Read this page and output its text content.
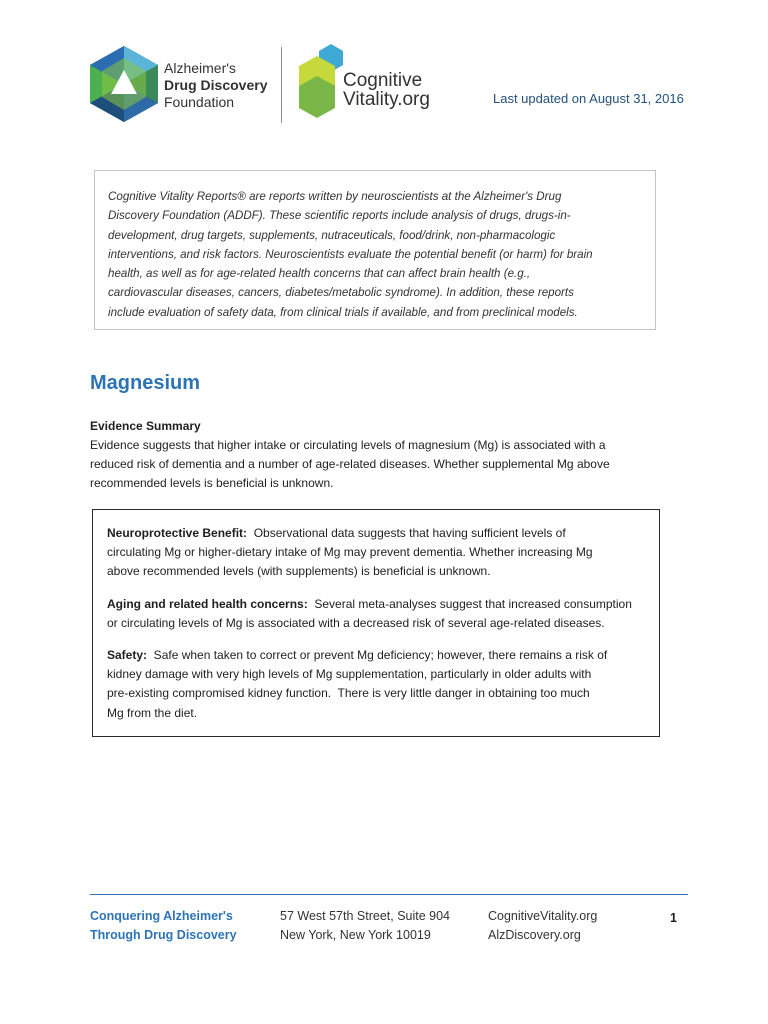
Alzheimer's
Drug Discovery
Foundation
Cognitive
Vitality.org	Last updated on August 31, 2016
Cognitive Vitality Reports® are reports written by neuroscientists at the Alzheimer's Drug
Discovery Foundation (ADDF). These scientific reports include analysis of drugs, drugs-in-
development, drug targets, supplements, nutraceuticals, food/drink, non-pharmacologic
interventions, and risk factors. Neuroscientists evaluate the potential benefit (or harm) for brain
health, as well as for age-related health concerns that can affect brain health (e.g.,
cardiovascular diseases, cancers, diabetes/metabolic syndrome). In addition, these reports
include evaluation of safety data, from clinical trials if available, and from preclinical models.
Magnesium
Evidence Summary
Evidence suggests that higher intake or circulating levels of magnesium (Mg) is associated with a
reduced risk of dementia and a number of age-related diseases. Whether supplemental Mg above
recommended levels is beneficial is unknown.

Neuroprotective Benefit:  Observational data suggests that having sufficient levels of
circulating Mg or higher-dietary intake of Mg may prevent dementia. Whether increasing Mg
above recommended levels (with supplements) is beneficial is unknown.

Aging and related health concerns:  Several meta-analyses suggest that increased consumption
or circulating levels of Mg is associated with a decreased risk of several age-related diseases.

Safety:  Safe when taken to correct or prevent Mg deficiency; however, there remains a risk of
kidney damage with very high levels of Mg supplementation, particularly in older adults with
pre-existing compromised kidney function.  There is very little danger in obtaining too much
Mg from the diet.

Conquering Alzheimer's
Through Drug Discovery
57 West 57th Street, Suite 904
New York, New York 10019
CognitiveVitality.org
AlzDiscovery.org
1
